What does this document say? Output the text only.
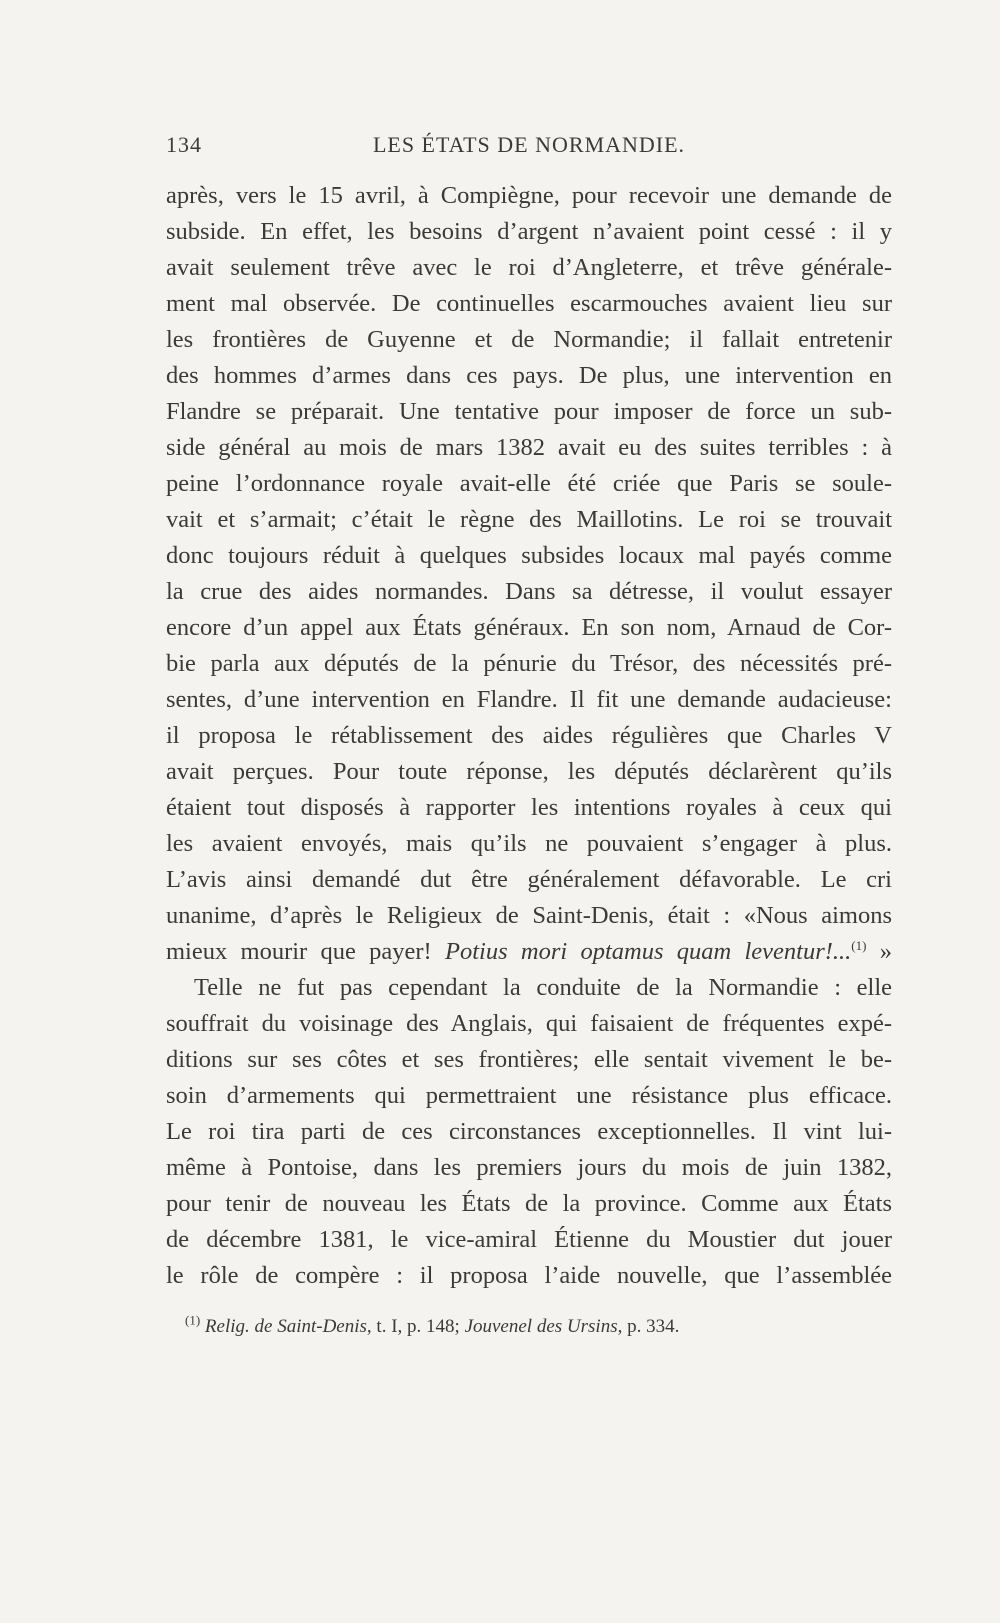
134	LES ÉTATS DE NORMANDIE.
après, vers le 15 avril, à Compiègne, pour recevoir une demande de
subside. En effet, les besoins d’argent n’avaient point cessé : il y
avait seulement trêve avec le roi d’Angleterre, et trêve générale-
ment mal observée. De continuelles escarmouches avaient lieu sur
les frontières de Guyenne et de Normandie; il fallait entretenir
des hommes d’armes dans ces pays. De plus, une intervention en
Flandre se préparait. Une tentative pour imposer de force un sub-
side général au mois de mars 1382 avait eu des suites terribles : à
peine l’ordonnance royale avait-elle été criée que Paris se soule-
vait et s’armait; c’était le règne des Maillotins. Le roi se trouvait
donc toujours réduit à quelques subsides locaux mal payés comme
la crue des aides normandes. Dans sa détresse, il voulut essayer
encore d’un appel aux États généraux. En son nom, Arnaud de Cor-
bie parla aux députés de la pénurie du Trésor, des nécessités pré-
sentes, d’une intervention en Flandre. Il fit une demande audacieuse:
il proposa le rétablissement des aides régulières que Charles V
avait perçues. Pour toute réponse, les députés déclarèrent qu’ils
étaient tout disposés à rapporter les intentions royales à ceux qui
les avaient envoyés, mais qu’ils ne pouvaient s’engager à plus.
L’avis ainsi demandé dut être généralement défavorable. Le cri
unanime, d’après le Religieux de Saint-Denis, était : «Nous aimons
mieux mourir que payer! Potius mori optamus quam leventur!...$^{(1)}$ »
Telle ne fut pas cependant la conduite de la Normandie : elle
souffrait du voisinage des Anglais, qui faisaient de fréquentes expé-
ditions sur ses côtes et ses frontières; elle sentait vivement le be-
soin d’armements qui permettraient une résistance plus efficace.
Le roi tira parti de ces circonstances exceptionnelles. Il vint lui-
même à Pontoise, dans les premiers jours du mois de juin 1382,
pour tenir de nouveau les États de la province. Comme aux États
de décembre 1381, le vice-amiral Étienne du Moustier dut jouer
le rôle de compère : il proposa l’aide nouvelle, que l’assemblée
$^{(1)}$ Relig. de Saint-Denis, t. I, p. 148; Jouvenel des Ursins, p. 334.
